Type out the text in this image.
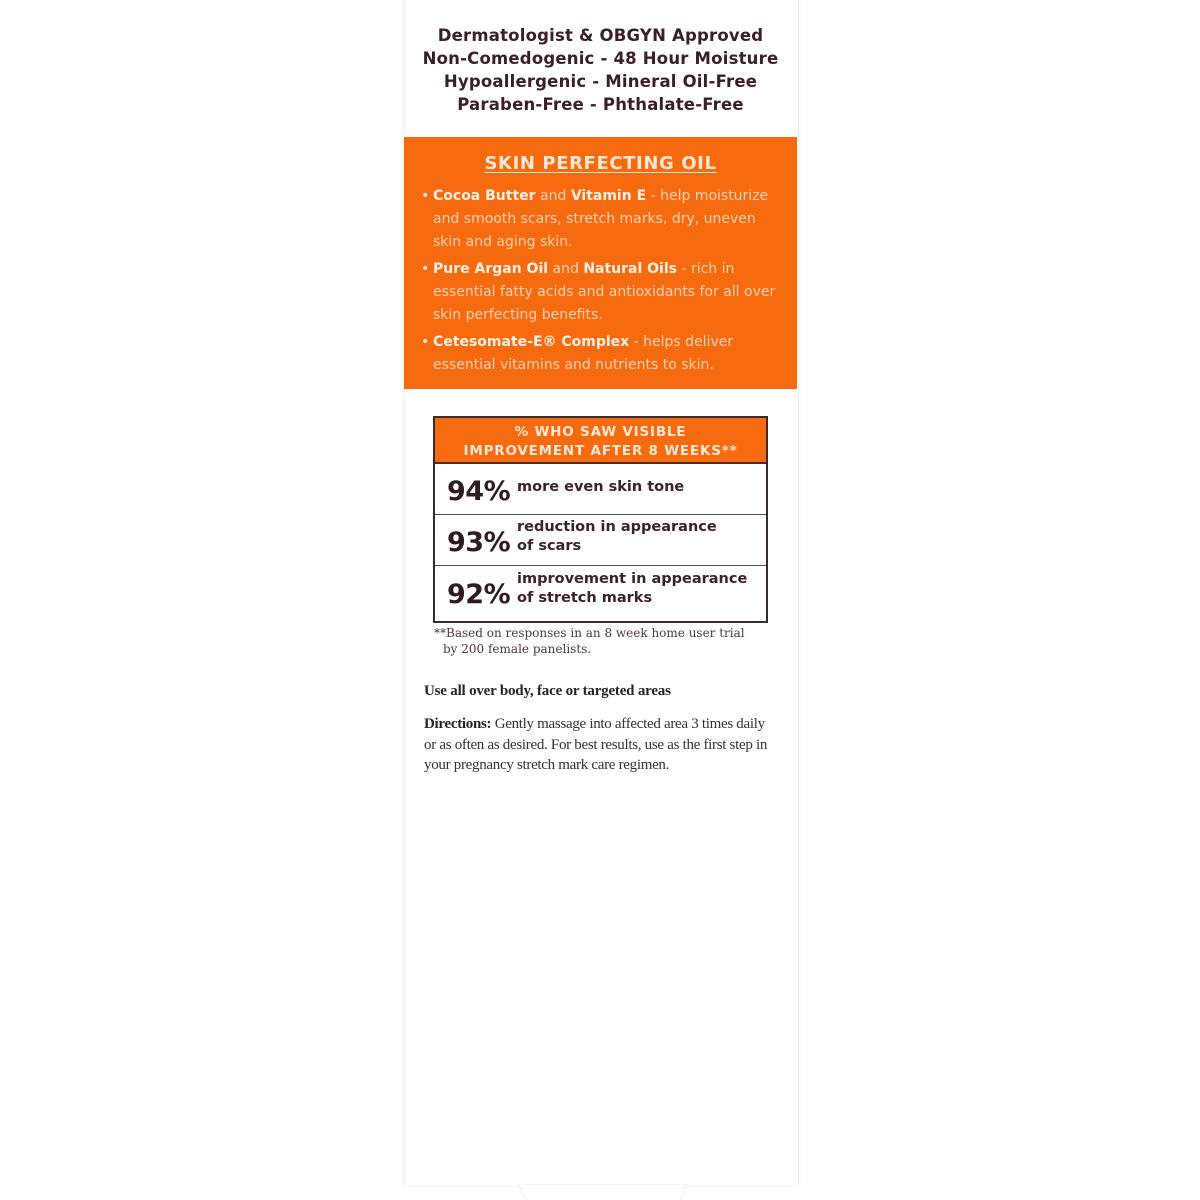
Dermatologist & OBGYN Approved
Non-Comedogenic - 48 Hour Moisture
Hypoallergenic - Mineral Oil-Free
Paraben-Free - Phthalate-Free
SKIN PERFECTING OIL
• Cocoa Butter and Vitamin E - help moisturize and smooth scars, stretch marks, dry, uneven skin and aging skin.
• Pure Argan Oil and Natural Oils - rich in essential fatty acids and antioxidants for all over skin perfecting benefits.
• Cetesomate-E® Complex - helps deliver essential vitamins and nutrients to skin.
% WHO SAW VISIBLE
IMPROVEMENT AFTER 8 WEEKS**
94% more even skin tone
93% reduction in appearance
of scars
92% improvement in appearance
of stretch marks
**Based on responses in an 8 week home user trial
by 200 female panelists.
Use all over body, face or targeted areas
Directions: Gently massage into affected area 3 times daily or as often as desired. For best results, use as the first step in your pregnancy stretch mark care regimen.
